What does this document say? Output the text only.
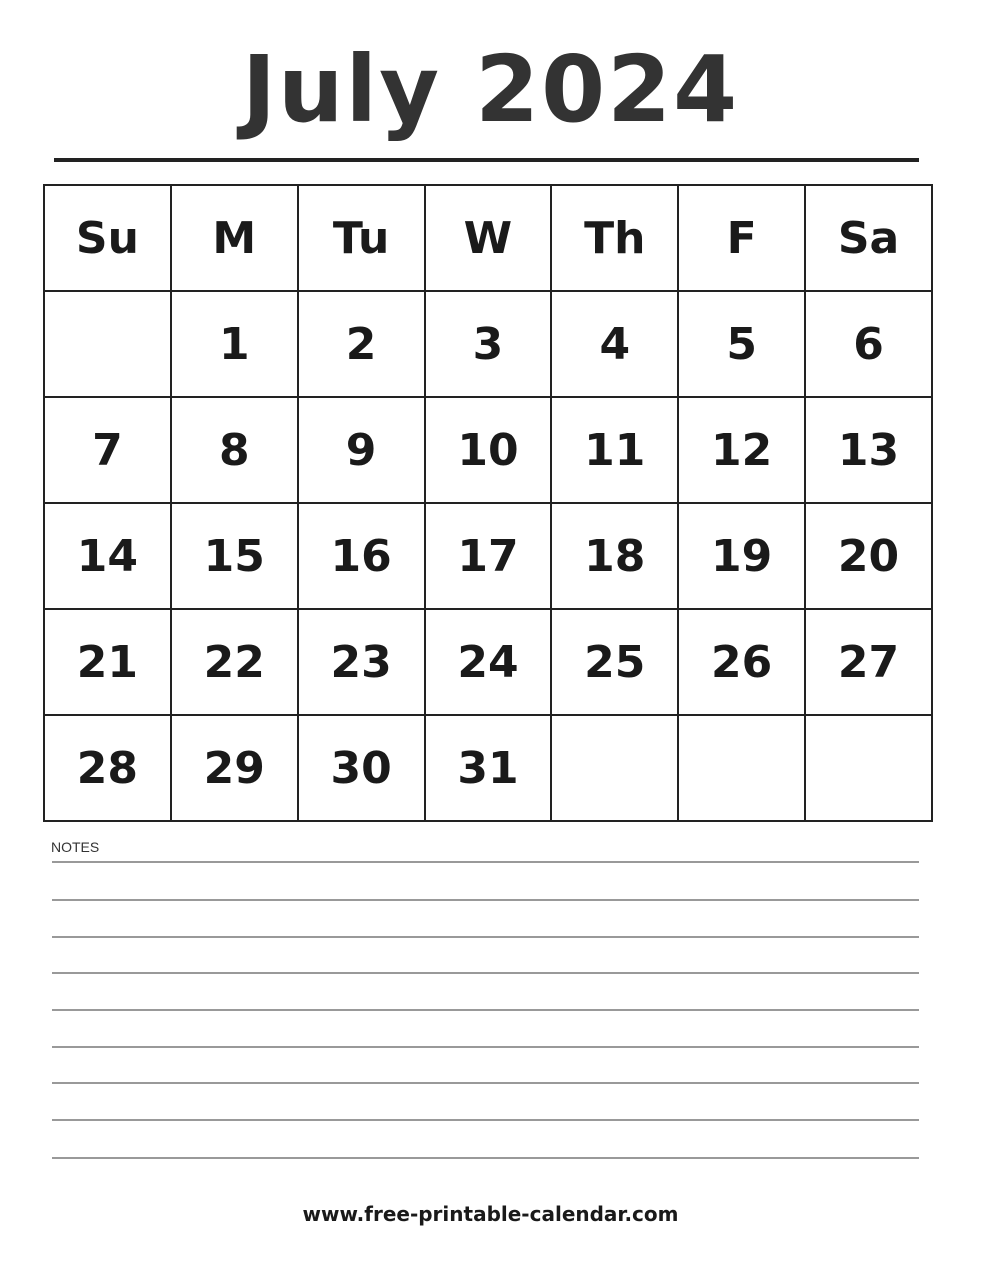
July 2024
Su	M	Tu	W	Th	F	Sa
	1	2	3	4	5	6
7	8	9	10	11	12	13
14	15	16	17	18	19	20
21	22	23	24	25	26	27
28	29	30	31			
NOTES
www.free-printable-calendar.com
